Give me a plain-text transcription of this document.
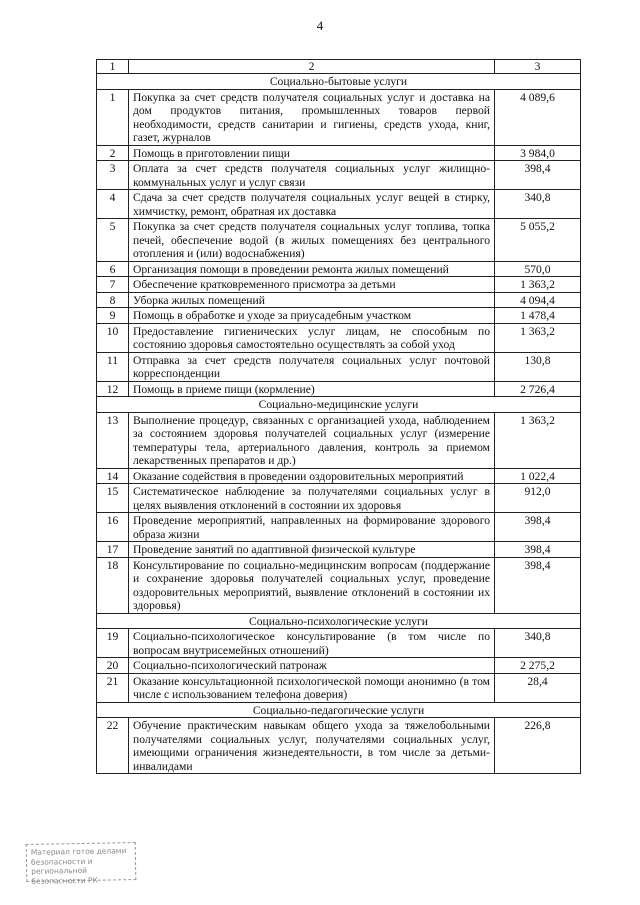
4
1	2	3
Социально-бытовые услуги		
1	Покупка за счет средств получателя социальных услуг и доставка на дом продуктов питания, промышленных товаров первой необходимости, средств санитарии и гигиены, средств ухода, книг, газет, журналов	4 089,6
2	Помощь в приготовлении пищи	3 984,0
3	Оплата за счет средств получателя социальных услуг жилищно-коммунальных услуг и услуг связи	398,4
4	Сдача за счет средств получателя социальных услуг вещей в стирку, химчистку, ремонт, обратная их доставка	340,8
5	Покупка за счет средств получателя социальных услуг топлива, топка печей, обеспечение водой (в жилых помещениях без центрального отопления и (или) водоснабжения)	5 055,2
6	Организация помощи в проведении ремонта жилых помещений	570,0
7	Обеспечение кратковременного присмотра за детьми	1 363,2
8	Уборка жилых помещений	4 094,4
9	Помощь в обработке и уходе за приусадебным участком	1 478,4
10	Предоставление гигиенических услуг лицам, не способным по состоянию здоровья самостоятельно осуществлять за собой уход	1 363,2
11	Отправка за счет средств получателя социальных услуг почтовой корреспонденции	130,8
12	Помощь в приеме пищи (кормление)	2 726,4
Социально-медицинские услуги		
13	Выполнение процедур, связанных с организацией ухода, наблюдением за состоянием здоровья получателей социальных услуг (измерение температуры тела, артериального давления, контроль за приемом лекарственных препаратов и др.)	1 363,2
14	Оказание содействия в проведении оздоровительных мероприятий	1 022,4
15	Систематическое наблюдение за получателями социальных услуг в целях выявления отклонений в состоянии их здоровья	912,0
16	Проведение мероприятий, направленных на формирование здорового образа жизни	398,4
17	Проведение занятий по адаптивной физической культуре	398,4
18	Консультирование по социально-медицинским вопросам (поддержание и сохранение здоровья получателей социальных услуг, проведение оздоровительных мероприятий, выявление отклонений в состоянии их здоровья)	398,4
Социально-психологические услуги		
19	Социально-психологическое консультирование (в том числе по вопросам внутрисемейных отношений)	340,8
20	Социально-психологический патронаж	2 275,2
21	Оказание консультационной психологической помощи анонимно (в том числе с использованием телефона доверия)	28,4
Социально-педагогические услуги		
22	Обучение практическим навыкам общего ухода за тяжелобольными получателями социальных услуг, получателями социальных услуг, имеющими ограничения жизнедеятельности, в том числе за детьми-инвалидами	226,8
Материал готов делами
безопасности и региональной
безопасности РК
